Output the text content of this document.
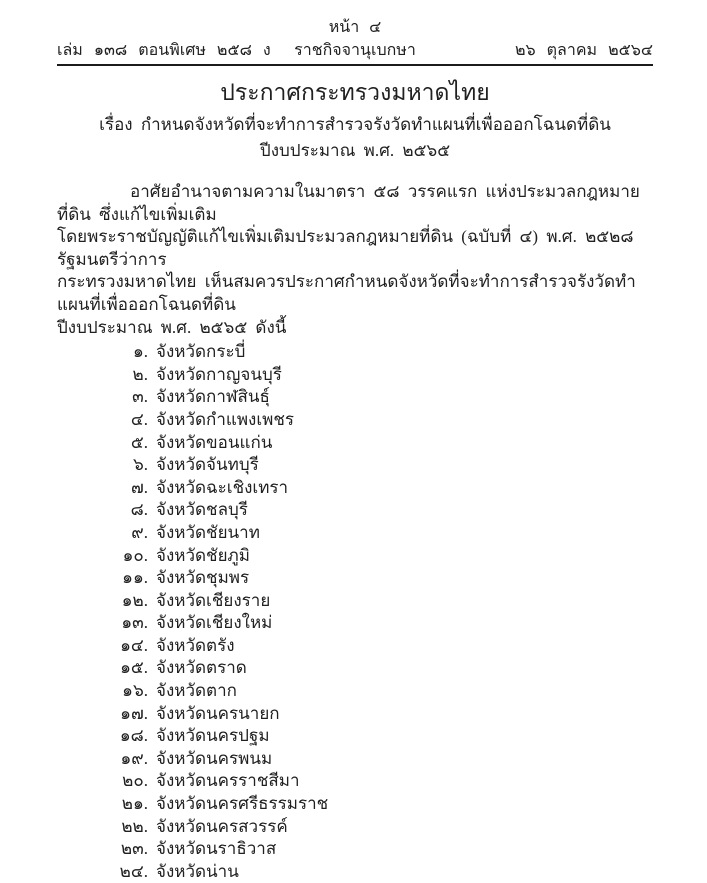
หน้า ๔
เล่ม ๑๓๘ ตอนพิเศษ ๒๕๘ ง	ราชกิจจานุเบกษา	๒๖ ตุลาคม ๒๕๖๔
ประกาศกระทรวงมหาดไทย
เรื่อง กำหนดจังหวัดที่จะทำการสำรวจรังวัดทำแผนที่เพื่อออกโฉนดที่ดิน
ปีงบประมาณ พ.ศ. ๒๕๖๕
อาศัยอำนาจตามความในมาตรา ๕๘ วรรคแรก แห่งประมวลกฎหมายที่ดิน ซึ่งแก้ไขเพิ่มเติม
โดยพระราชบัญญัติแก้ไขเพิ่มเติมประมวลกฎหมายที่ดิน (ฉบับที่ ๔) พ.ศ. ๒๕๒๘ รัฐมนตรีว่าการ
กระทรวงมหาดไทย เห็นสมควรประกาศกำหนดจังหวัดที่จะทำการสำรวจรังวัดทำแผนที่เพื่อออกโฉนดที่ดิน
ปีงบประมาณ พ.ศ. ๒๕๖๕ ดังนี้
๑. จังหวัดกระบี่
๒. จังหวัดกาญจนบุรี
๓. จังหวัดกาฬสินธุ์
๔. จังหวัดกำแพงเพชร
๕. จังหวัดขอนแก่น
๖. จังหวัดจันทบุรี
๗. จังหวัดฉะเชิงเทรา
๘. จังหวัดชลบุรี
๙. จังหวัดชัยนาท
๑๐. จังหวัดชัยภูมิ
๑๑. จังหวัดชุมพร
๑๒. จังหวัดเชียงราย
๑๓. จังหวัดเชียงใหม่
๑๔. จังหวัดตรัง
๑๕. จังหวัดตราด
๑๖. จังหวัดตาก
๑๗. จังหวัดนครนายก
๑๘. จังหวัดนครปฐม
๑๙. จังหวัดนครพนม
๒๐. จังหวัดนครราชสีมา
๒๑. จังหวัดนครศรีธรรมราช
๒๒. จังหวัดนครสวรรค์
๒๓. จังหวัดนราธิวาส
๒๔. จังหวัดน่าน
